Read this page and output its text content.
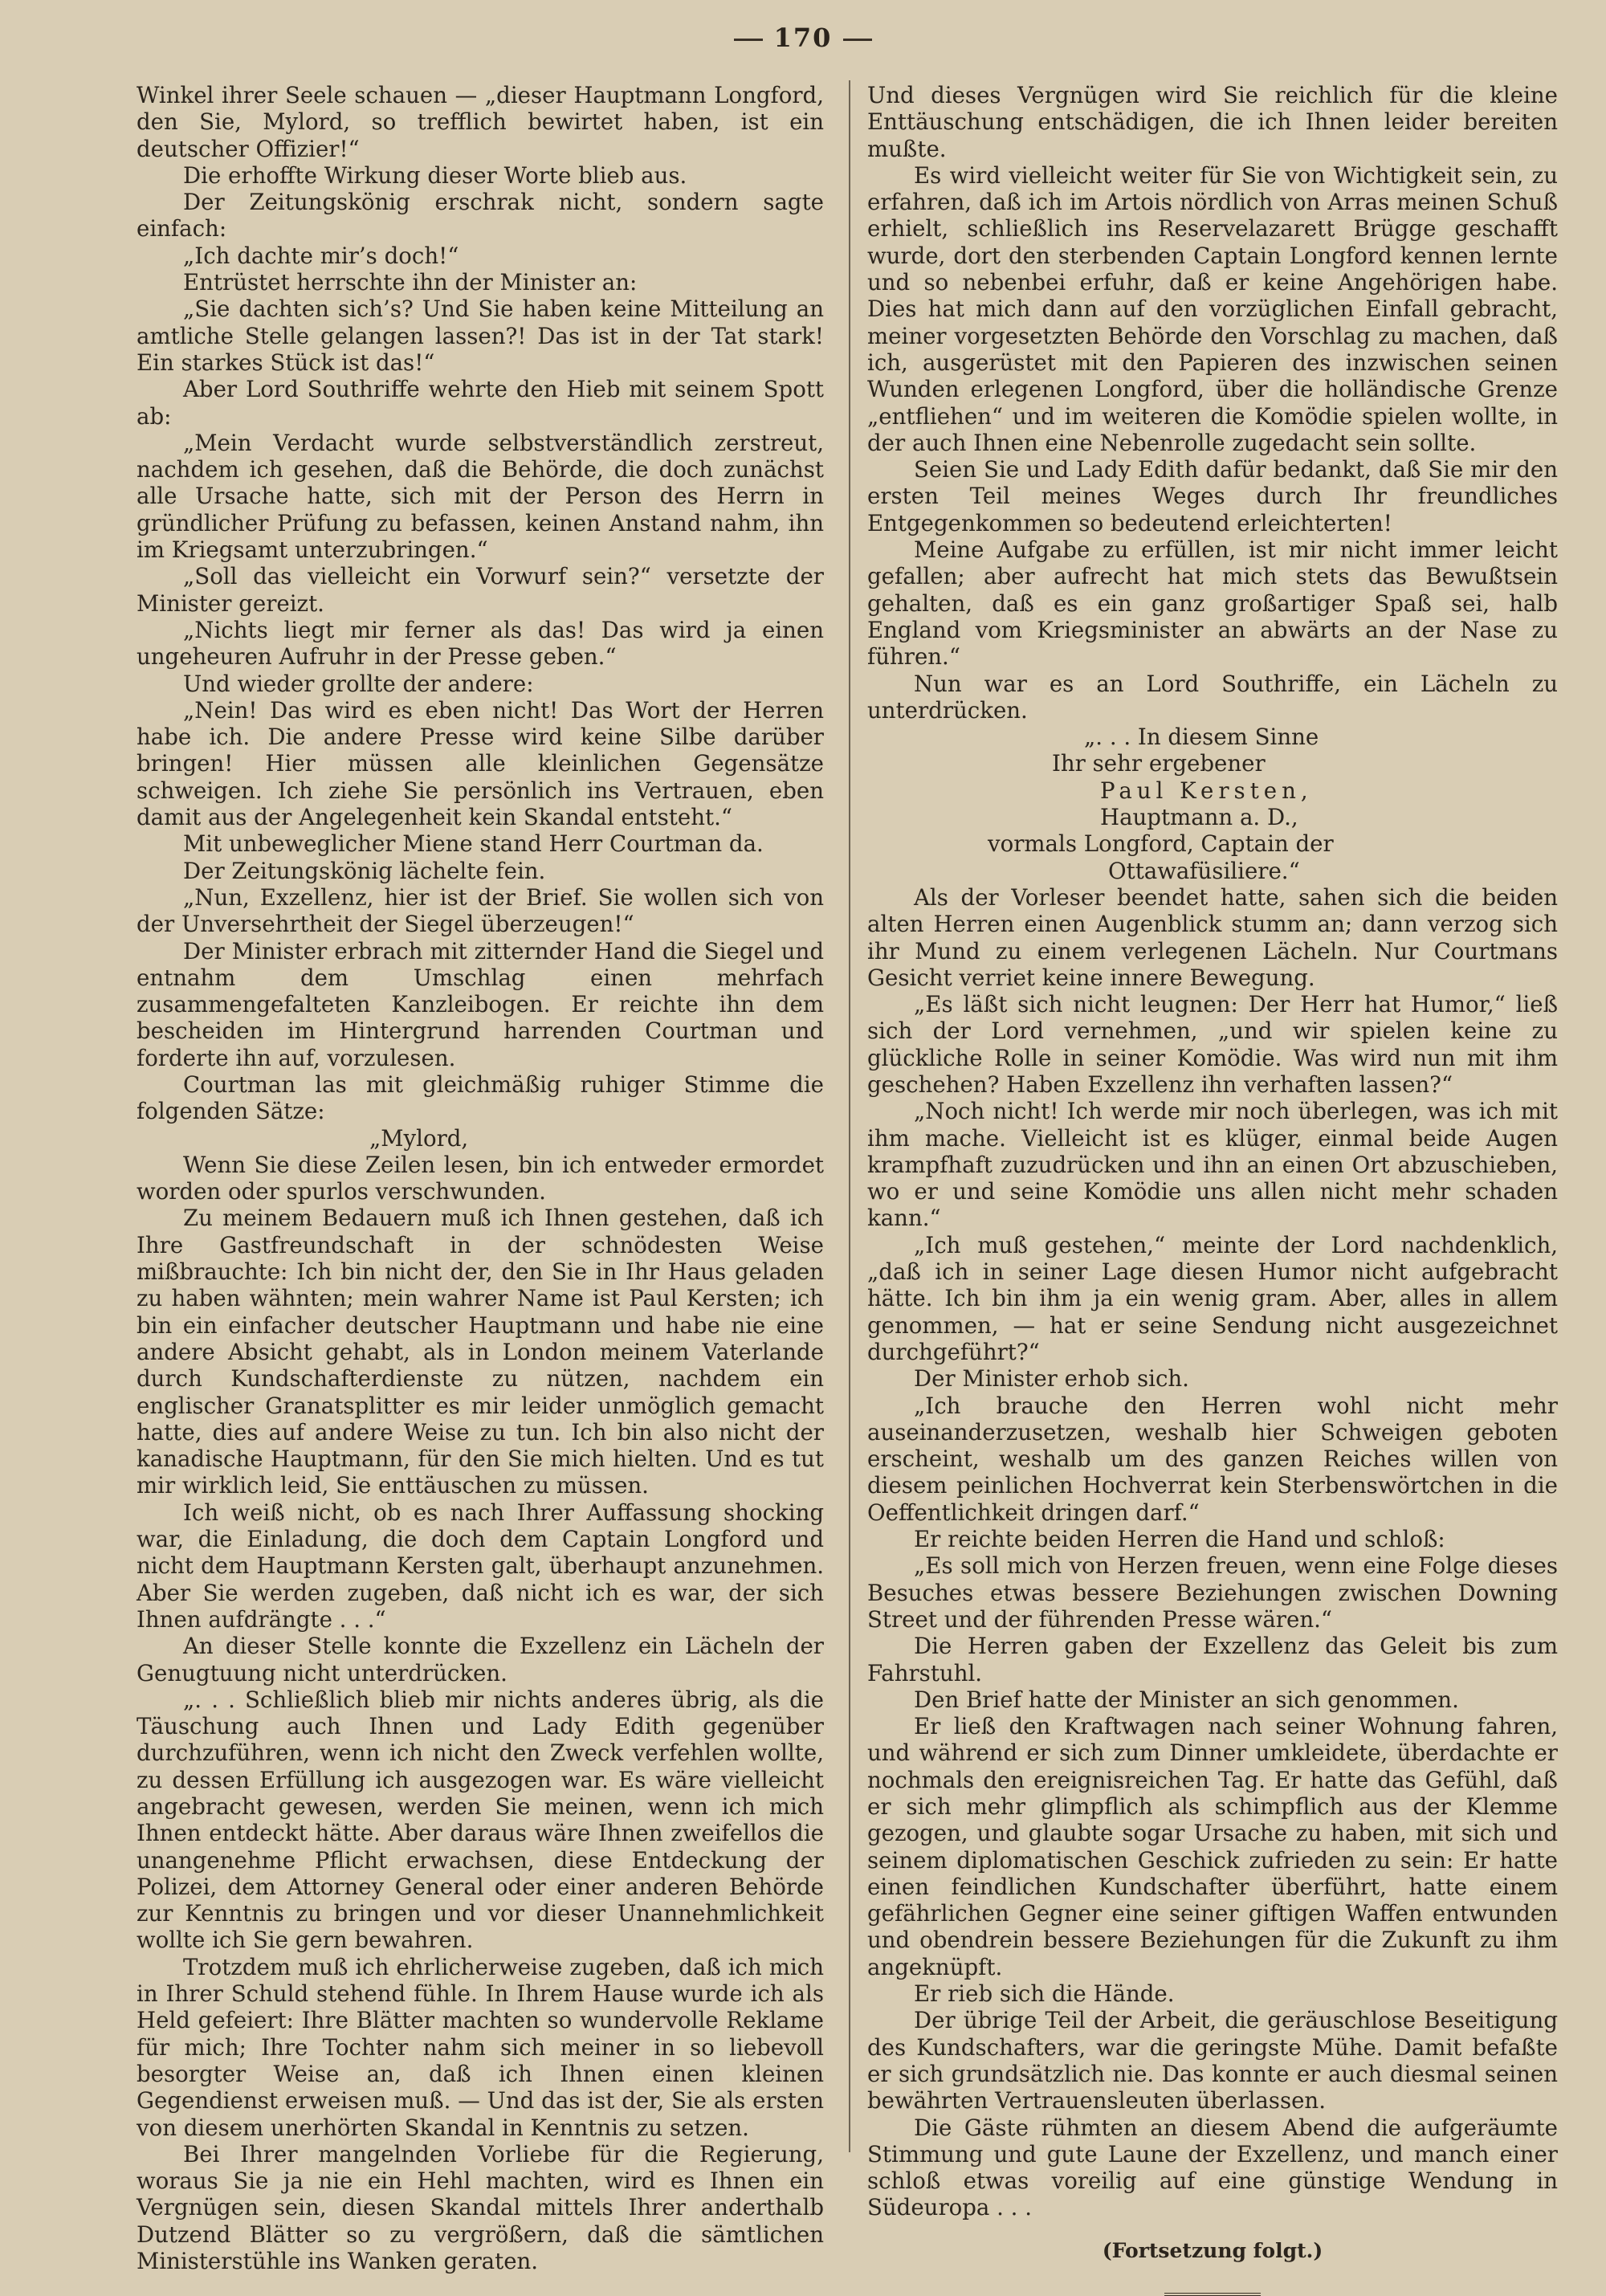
170

Winkel ihrer Seele schauen — „dieser Hauptmann Longford, den Sie, Mylord, so trefflich bewirtet haben, ist ein deutscher Offizier!“

Die erhoffte Wirkung dieser Worte blieb aus.

Der Zeitungskönig erschrak nicht, sondern sagte einfach:

„Ich dachte mir’s doch!“

Entrüstet herrschte ihn der Minister an:

„Sie dachten sich’s? Und Sie haben keine Mitteilung an amtliche Stelle gelangen lassen?! Das ist in der Tat stark! Ein starkes Stück ist das!“

Aber Lord Southriffe wehrte den Hieb mit seinem Spott ab:

„Mein Verdacht wurde selbstverständlich zerstreut, nachdem ich gesehen, daß die Behörde, die doch zunächst alle Ursache hatte, sich mit der Person des Herrn in gründlicher Prüfung zu befassen, keinen Anstand nahm, ihn im Kriegsamt unterzubringen.“

„Soll das vielleicht ein Vorwurf sein?“ versetzte der Minister gereizt.

„Nichts liegt mir ferner als das! Das wird ja einen ungeheuren Aufruhr in der Presse geben.“

Und wieder grollte der andere:

„Nein! Das wird es eben nicht! Das Wort der Herren habe ich. Die andere Presse wird keine Silbe darüber bringen! Hier müssen alle kleinlichen Gegensätze schweigen. Ich ziehe Sie persönlich ins Vertrauen, eben damit aus der Angelegenheit kein Skandal entsteht.“

Mit unbeweglicher Miene stand Herr Courtman da.

Der Zeitungskönig lächelte fein.

„Nun, Exzellenz, hier ist der Brief. Sie wollen sich von der Unversehrtheit der Siegel überzeugen!“

Der Minister erbrach mit zitternder Hand die Siegel und entnahm dem Umschlag einen mehrfach zusammengefalteten Kanzleibogen. Er reichte ihn dem bescheiden im Hintergrund harrenden Courtman und forderte ihn auf, vorzulesen.

Courtman las mit gleichmäßig ruhiger Stimme die folgenden Sätze:

„Mylord,

Wenn Sie diese Zeilen lesen, bin ich entweder ermordet worden oder spurlos verschwunden.

Zu meinem Bedauern muß ich Ihnen gestehen, daß ich Ihre Gastfreundschaft in der schnödesten Weise mißbrauchte: Ich bin nicht der, den Sie in Ihr Haus geladen zu haben wähnten; mein wahrer Name ist Paul Kersten; ich bin ein einfacher deutscher Hauptmann und habe nie eine andere Absicht gehabt, als in London meinem Vaterlande durch Kundschafterdienste zu nützen, nachdem ein englischer Granatsplitter es mir leider unmöglich gemacht hatte, dies auf andere Weise zu tun. Ich bin also nicht der kanadische Hauptmann, für den Sie mich hielten. Und es tut mir wirklich leid, Sie enttäuschen zu müssen.

Ich weiß nicht, ob es nach Ihrer Auffassung shocking war, die Einladung, die doch dem Captain Longford und nicht dem Hauptmann Kersten galt, überhaupt anzunehmen. Aber Sie werden zugeben, daß nicht ich es war, der sich Ihnen aufdrängte . . .“

An dieser Stelle konnte die Exzellenz ein Lächeln der Genugtuung nicht unterdrücken.

„. . . Schließlich blieb mir nichts anderes übrig, als die Täuschung auch Ihnen und Lady Edith gegenüber durchzuführen, wenn ich nicht den Zweck verfehlen wollte, zu dessen Erfüllung ich ausgezogen war. Es wäre vielleicht angebracht gewesen, werden Sie meinen, wenn ich mich Ihnen entdeckt hätte. Aber daraus wäre Ihnen zweifellos die unangenehme Pflicht erwachsen, diese Entdeckung der Polizei, dem Attorney General oder einer anderen Behörde zur Kenntnis zu bringen und vor dieser Unannehmlichkeit wollte ich Sie gern bewahren.

Trotzdem muß ich ehrlicherweise zugeben, daß ich mich in Ihrer Schuld stehend fühle. In Ihrem Hause wurde ich als Held gefeiert: Ihre Blätter machten so wundervolle Reklame für mich; Ihre Tochter nahm sich meiner in so liebevoll besorgter Weise an, daß ich Ihnen einen kleinen Gegendienst erweisen muß. — Und das ist der, Sie als ersten von diesem unerhörten Skandal in Kenntnis zu setzen.

Bei Ihrer mangelnden Vorliebe für die Regierung, woraus Sie ja nie ein Hehl machten, wird es Ihnen ein Vergnügen sein, diesen Skandal mittels Ihrer anderthalb Dutzend Blätter so zu vergrößern, daß die sämtlichen Ministerstühle ins Wanken geraten.

Und dieses Vergnügen wird Sie reichlich für die kleine Enttäuschung entschädigen, die ich Ihnen leider bereiten mußte.

Es wird vielleicht weiter für Sie von Wichtigkeit sein, zu erfahren, daß ich im Artois nördlich von Arras meinen Schuß erhielt, schließlich ins Reservelazarett Brügge geschafft wurde, dort den sterbenden Captain Longford kennen lernte und so nebenbei erfuhr, daß er keine Angehörigen habe. Dies hat mich dann auf den vorzüglichen Einfall gebracht, meiner vorgesetzten Behörde den Vorschlag zu machen, daß ich, ausgerüstet mit den Papieren des inzwischen seinen Wunden erlegenen Longford, über die holländische Grenze „entfliehen“ und im weiteren die Komödie spielen wollte, in der auch Ihnen eine Nebenrolle zugedacht sein sollte.

Seien Sie und Lady Edith dafür bedankt, daß Sie mir den ersten Teil meines Weges durch Ihr freundliches Entgegenkommen so bedeutend erleichterten!

Meine Aufgabe zu erfüllen, ist mir nicht immer leicht gefallen; aber aufrecht hat mich stets das Bewußtsein gehalten, daß es ein ganz großartiger Spaß sei, halb England vom Kriegsminister an abwärts an der Nase zu führen.“

Nun war es an Lord Southriffe, ein Lächeln zu unterdrücken.

„. . . In diesem Sinne
Ihr sehr ergebener
Paul Kersten,
Hauptmann a. D.,
vormals Longford, Captain der
Ottawafüsiliere.“

Als der Vorleser beendet hatte, sahen sich die beiden alten Herren einen Augenblick stumm an; dann verzog sich ihr Mund zu einem verlegenen Lächeln. Nur Courtmans Gesicht verriet keine innere Bewegung.

„Es läßt sich nicht leugnen: Der Herr hat Humor,“ ließ sich der Lord vernehmen, „und wir spielen keine zu glückliche Rolle in seiner Komödie. Was wird nun mit ihm geschehen? Haben Exzellenz ihn verhaften lassen?“

„Noch nicht! Ich werde mir noch überlegen, was ich mit ihm mache. Vielleicht ist es klüger, einmal beide Augen krampfhaft zuzudrücken und ihn an einen Ort abzuschieben, wo er und seine Komödie uns allen nicht mehr schaden kann.“

„Ich muß gestehen,“ meinte der Lord nachdenklich, „daß ich in seiner Lage diesen Humor nicht aufgebracht hätte. Ich bin ihm ja ein wenig gram. Aber, alles in allem genommen, — hat er seine Sendung nicht ausgezeichnet durchgeführt?“

Der Minister erhob sich.

„Ich brauche den Herren wohl nicht mehr auseinanderzusetzen, weshalb hier Schweigen geboten erscheint, weshalb um des ganzen Reiches willen von diesem peinlichen Hochverrat kein Sterbenswörtchen in die Oeffentlichkeit dringen darf.“

Er reichte beiden Herren die Hand und schloß:

„Es soll mich von Herzen freuen, wenn eine Folge dieses Besuches etwas bessere Beziehungen zwischen Downing Street und der führenden Presse wären.“

Die Herren gaben der Exzellenz das Geleit bis zum Fahrstuhl.

Den Brief hatte der Minister an sich genommen.

Er ließ den Kraftwagen nach seiner Wohnung fahren, und während er sich zum Dinner umkleidete, überdachte er nochmals den ereignisreichen Tag. Er hatte das Gefühl, daß er sich mehr glimpflich als schimpflich aus der Klemme gezogen, und glaubte sogar Ursache zu haben, mit sich und seinem diplomatischen Geschick zufrieden zu sein: Er hatte einen feindlichen Kundschafter überführt, hatte einem gefährlichen Gegner eine seiner giftigen Waffen entwunden und obendrein bessere Beziehungen für die Zukunft zu ihm angeknüpft.

Er rieb sich die Hände.

Der übrige Teil der Arbeit, die geräuschlose Beseitigung des Kundschafters, war die geringste Mühe. Damit befaßte er sich grundsätzlich nie. Das konnte er auch diesmal seinen bewährten Vertrauensleuten überlassen.

Die Gäste rühmten an diesem Abend die aufgeräumte Stimmung und gute Laune der Exzellenz, und manch einer schloß etwas voreilig auf eine günstige Wendung in Südeuropa . . .

(Fortsetzung folgt.)
